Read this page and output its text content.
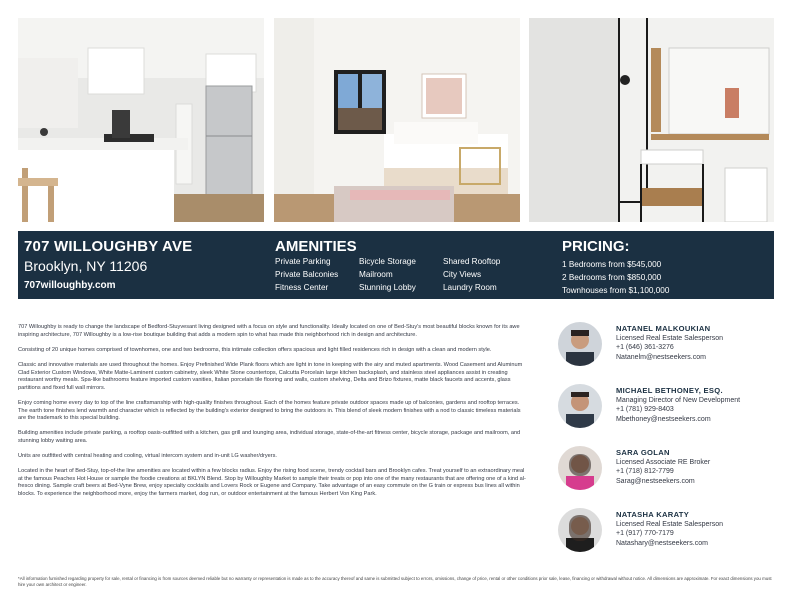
707 WILLOUGHBY AVE
Brooklyn, NY 11206
707willoughby.com
AMENITIES
Private Parking	Bicycle Storage	Shared Rooftop
Private Balconies	Mailroom	City Views
Fitness Center	Stunning Lobby	Laundry Room
PRICING:
1 Bedrooms from $545,000
2 Bedrooms from $850,000
Townhouses from $1,100,000

707 Willoughby is ready to change the landscape of Bedford-Stuyvesant living designed with a focus on style and functionality. Ideally located on one of Bed-Stuy's most beautiful blocks known for its awe inspiring architecture, 707 Willoughby is a low-rise boutique building that adds a modern spin to what has made this neighborhood rich in design and architecture.

Consisting of 20 unique homes comprised of townhomes, one and two bedrooms, this intimate collection offers spacious and light filled residences rich in design with a clean and modern style.

Classic and innovative materials are used throughout the homes. Enjoy Prefinished Wide Plank floors which are light in tone in keeping with the airy and muted apartments. Wood Casement and Aluminum Clad Exterior Custom Windows, White Matte-Laminent custom cabinetry, sleek White Stone countertops, Calcutta Porcelain large kitchen backsplash, and stainless steel appliances assist in creating restaurant worthy meals. Spa-like bathrooms feature imported custom vanities, Italian porcelain tile flooring and walls, custom shelving, Delta and Brizo fixtures, matte black faucets and accents, glass partitions and fixed full wall mirrors.

Enjoy coming home every day to top of the line craftsmanship with high-quality finishes throughout. Each of the homes feature private outdoor spaces made up of balconies, gardens and rooftop terraces. The earth tone finishes lend warmth and character which is reflected by the building's exterior designed to bring the outdoors in. This blend of sleek modern finishes with a nod to classic timeless materials are the trademark to this special building.

Building amenities include private parking, a rooftop oasis-outfitted with a kitchen, gas grill and lounging area, individual storage, state-of-the-art fitness center, bicycle storage, package and mailroom, and stunning lobby waiting area.

Units are outfitted with central heating and cooling, virtual intercom system and in-unit LG washer/dryers.

Located in the heart of Bed-Stuy, top-of-the line amenities are located within a few blocks radius. Enjoy the rising food scene, trendy cocktail bars and Brooklyn cafes. Treat yourself to an extraordinary meal at the famous Peaches Hot House or sample the foodie creations at BKLYN Blend. Stop by Willoughby Market to sample their treats or pop into one of the many restaurants that are offering one of a kind al-fresco dining. Sample craft beers at Bed-Vyne Brew, enjoy specialty cocktails and Lovers Rock or Eugene and Company. Take advantage of an easy commute on the G train or express bus lines all within blocks. To experience the neighborhood more, enjoy the farmers market, dog run, or outdoor entertainment at the famous Herbert Von King Park.

NATANEL MALKOUKIAN
Licensed Real Estate Salesperson
+1 (646) 361-3276
Natanelm@nestseekers.com
MICHAEL BETHONEY, ESQ.
Managing Director of New Development
+1 (781) 929-8403
Mbethoney@nestseekers.com
SARA GOLAN
Licensed Associate RE Broker
+1 (718) 812-7799
Sarag@nestseekers.com
NATASHA KARATY
Licensed Real Estate Salesperson
+1 (917) 770-7179
Natashary@nestseekers.com
*All information furnished regarding property for sale, rental or financing is from sources deemed reliable but no warranty or representation is made as to the accuracy thereof and same is submitted subject to errors, omissions, change of price, rental or other conditions prior sale, lease, financing or withdrawal without notice. All dimensions are approximate. For exact dimensions you must hire your own architect or engineer.
